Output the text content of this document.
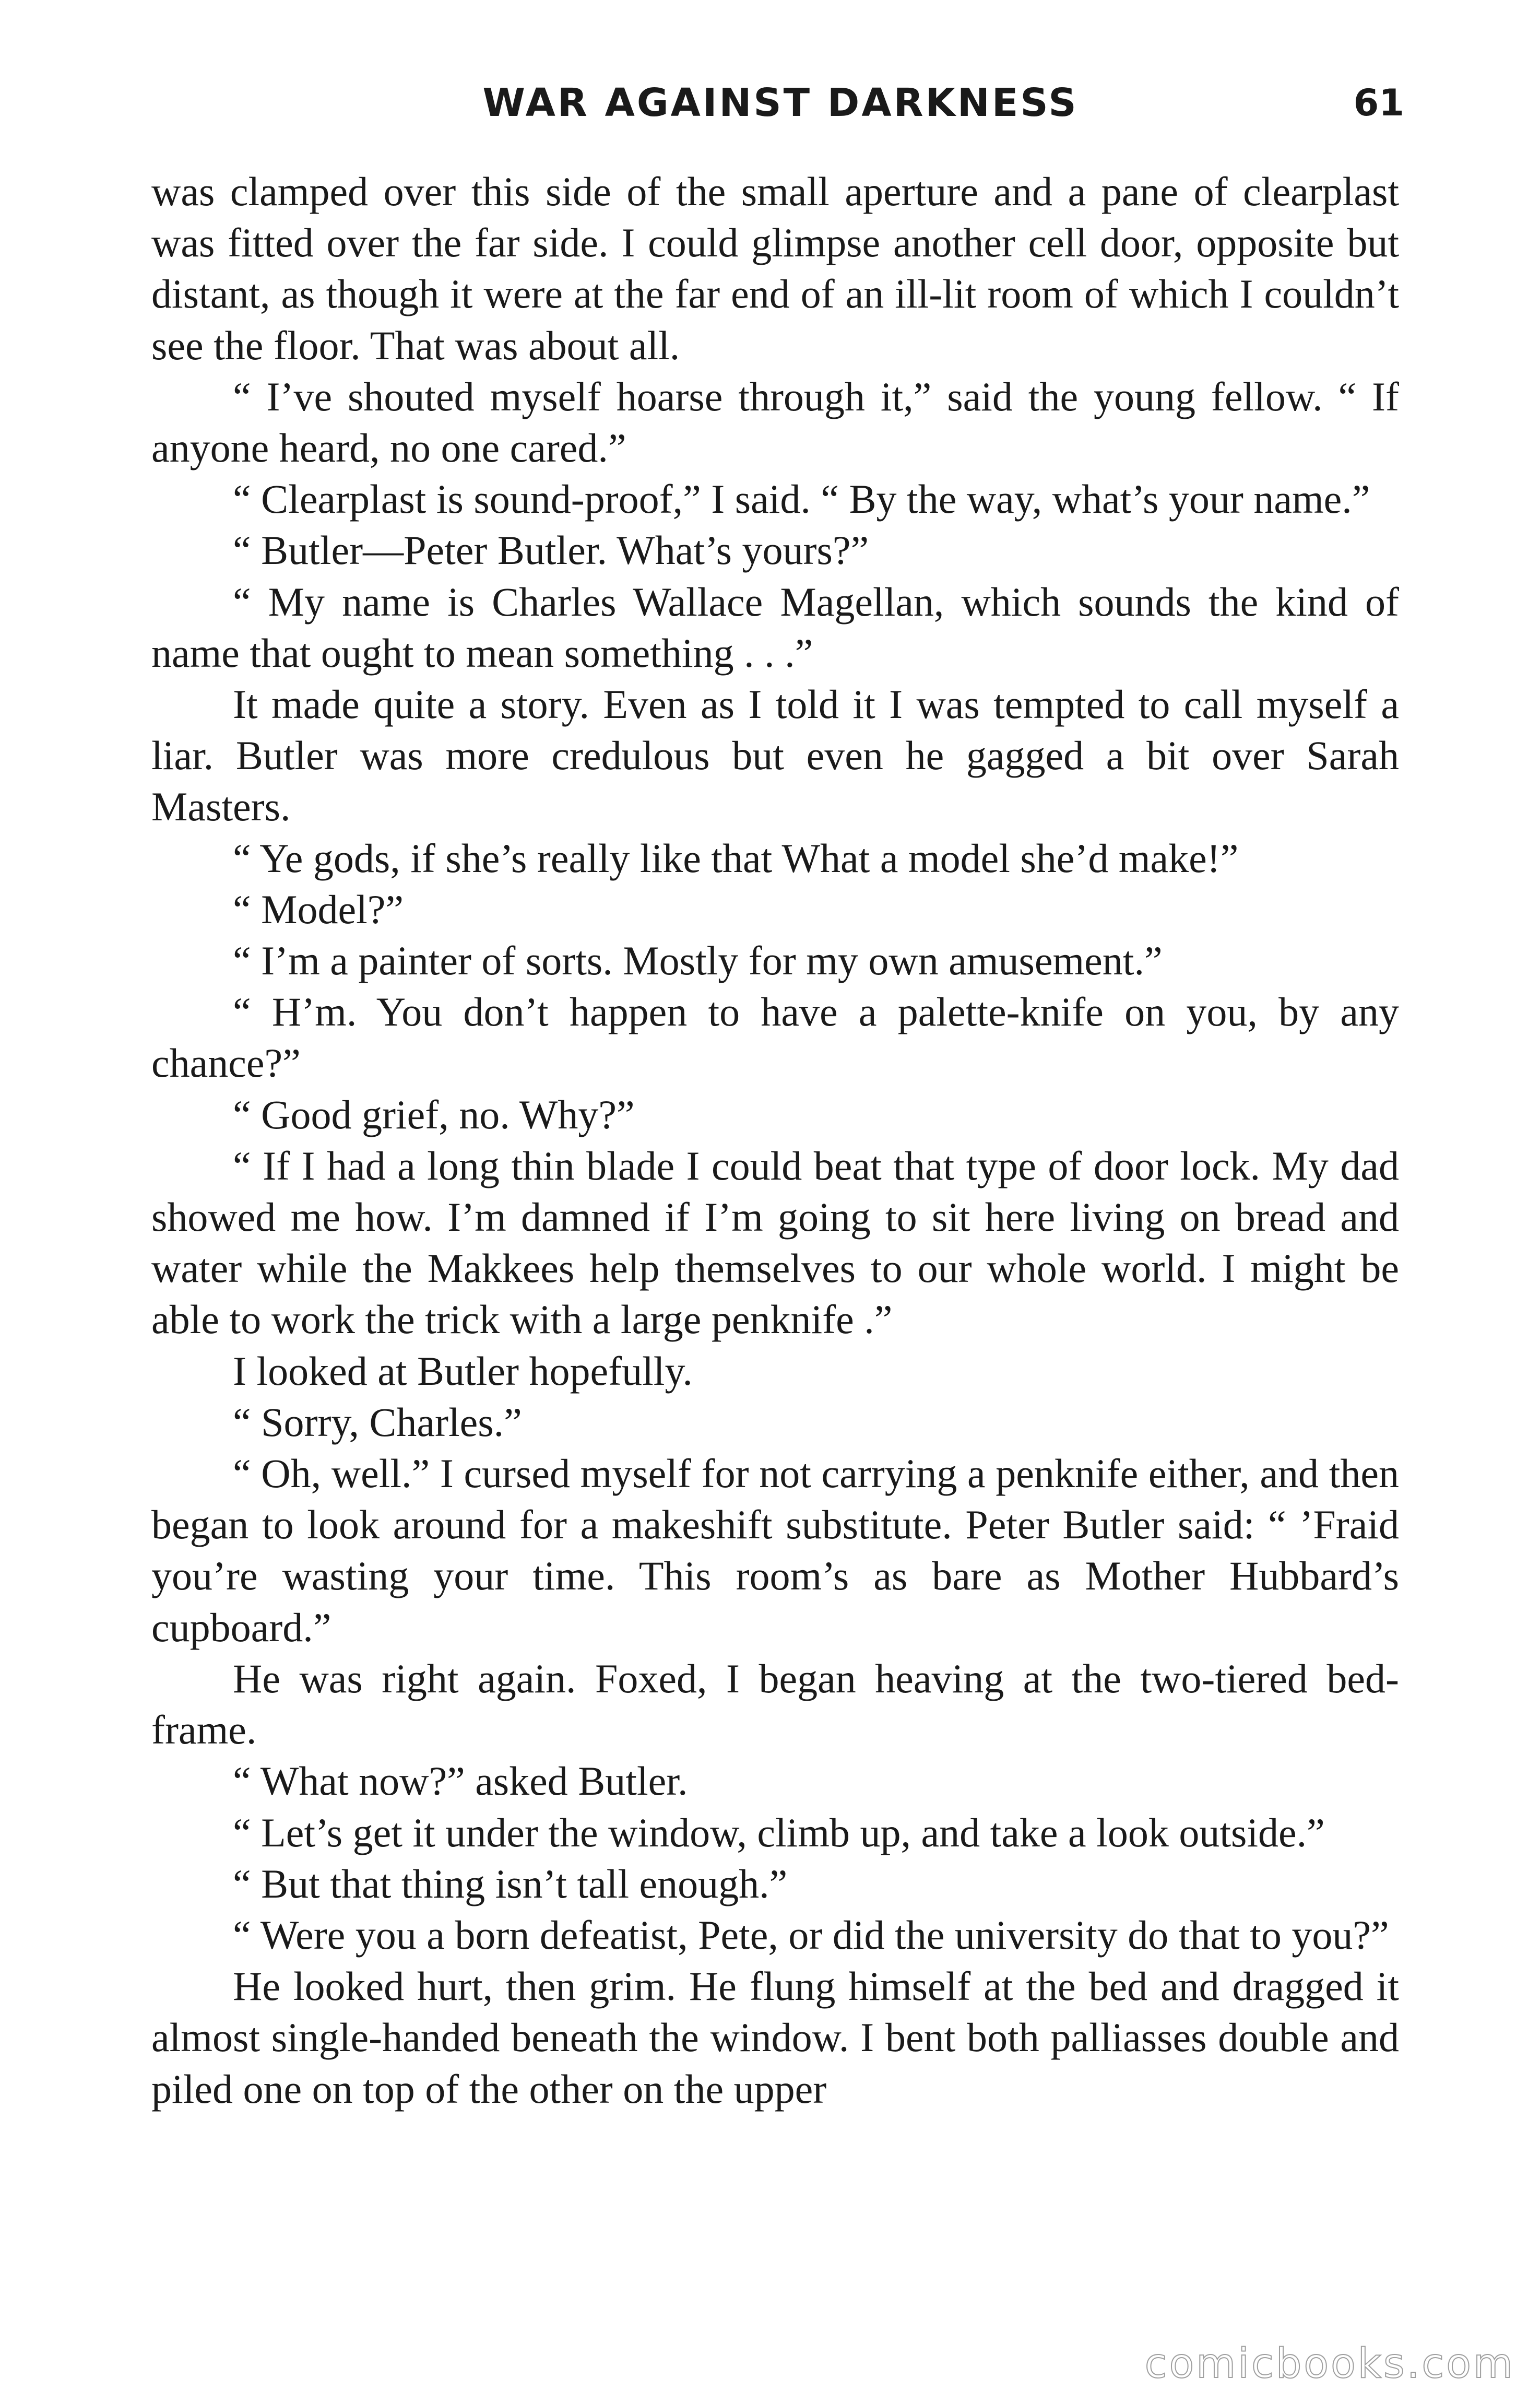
WAR AGAINST DARKNESS	61

was clamped over this side of the small aperture and a pane of clearplast was fitted over the far side. I could glimpse another cell door, opposite but distant, as though it were at the far end of an ill-lit room of which I couldn’t see the floor. That was about all.

“ I’ve shouted myself hoarse through it,” said the young fellow. “ If anyone heard, no one cared.”

“ Clearplast is sound-proof,” I said. “ By the way, what’s your name.”

“ Butler—Peter Butler. What’s yours?”

“ My name is Charles Wallace Magellan, which sounds the kind of name that ought to mean something . . .”

It made quite a story. Even as I told it I was tempted to call myself a liar. Butler was more credulous but even he gagged a bit over Sarah Masters.

“ Ye gods, if she’s really like that What a model she’d make!”

“ Model?”

“ I’m a painter of sorts. Mostly for my own amusement.”

“ H’m. You don’t happen to have a palette-knife on you, by any chance?”

“ Good grief, no. Why?”

“ If I had a long thin blade I could beat that type of door lock. My dad showed me how. I’m damned if I’m going to sit here living on bread and water while the Makkees help themselves to our whole world. I might be able to work the trick with a large penknife .”

I looked at Butler hopefully.

“ Sorry, Charles.”

“ Oh, well.” I cursed myself for not carrying a penknife either, and then began to look around for a makeshift substitute. Peter Butler said: “ ’Fraid you’re wasting your time. This room’s as bare as Mother Hubbard’s cupboard.”

He was right again. Foxed, I began heaving at the two-tiered bed-frame.

“ What now?” asked Butler.

“ Let’s get it under the window, climb up, and take a look outside.”

“ But that thing isn’t tall enough.”

“ Were you a born defeatist, Pete, or did the university do that to you?”

He looked hurt, then grim. He flung himself at the bed and dragged it almost single-handed beneath the window. I bent both palliasses double and piled one on top of the other on the upper

comicbooks.com
